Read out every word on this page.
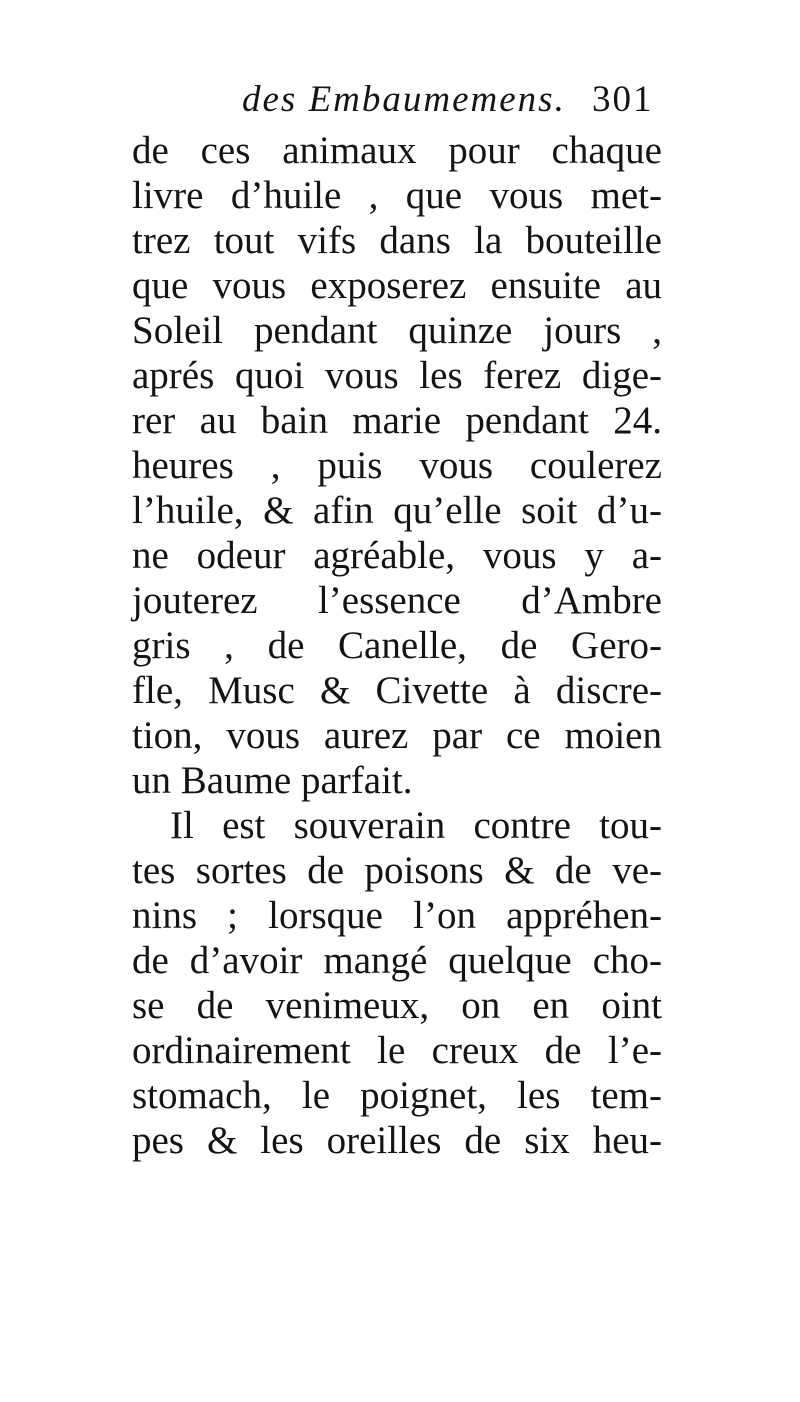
des Embaumemens. 301
de ces animaux pour chaque
livre d’huile , que vous met-
trez tout vifs dans la bouteille
que vous exposerez ensuite au
Soleil pendant quinze jours ,
aprés quoi vous les ferez dige-
rer au bain marie pendant 24.
heures , puis vous coulerez
l’huile, & afin qu’elle soit d’u-
ne odeur agréable, vous y a-
jouterez l’essence d’Ambre
gris , de Canelle, de Gero-
fle, Musc & Civette à discre-
tion, vous aurez par ce moien
un Baume parfait.
Il est souverain contre tou-
tes sortes de poisons & de ve-
nins ; lorsque l’on appréhen-
de d’avoir mangé quelque cho-
se de venimeux, on en oint
ordinairement le creux de l’e-
stomach, le poignet, les tem-
pes & les oreilles de six heu-
